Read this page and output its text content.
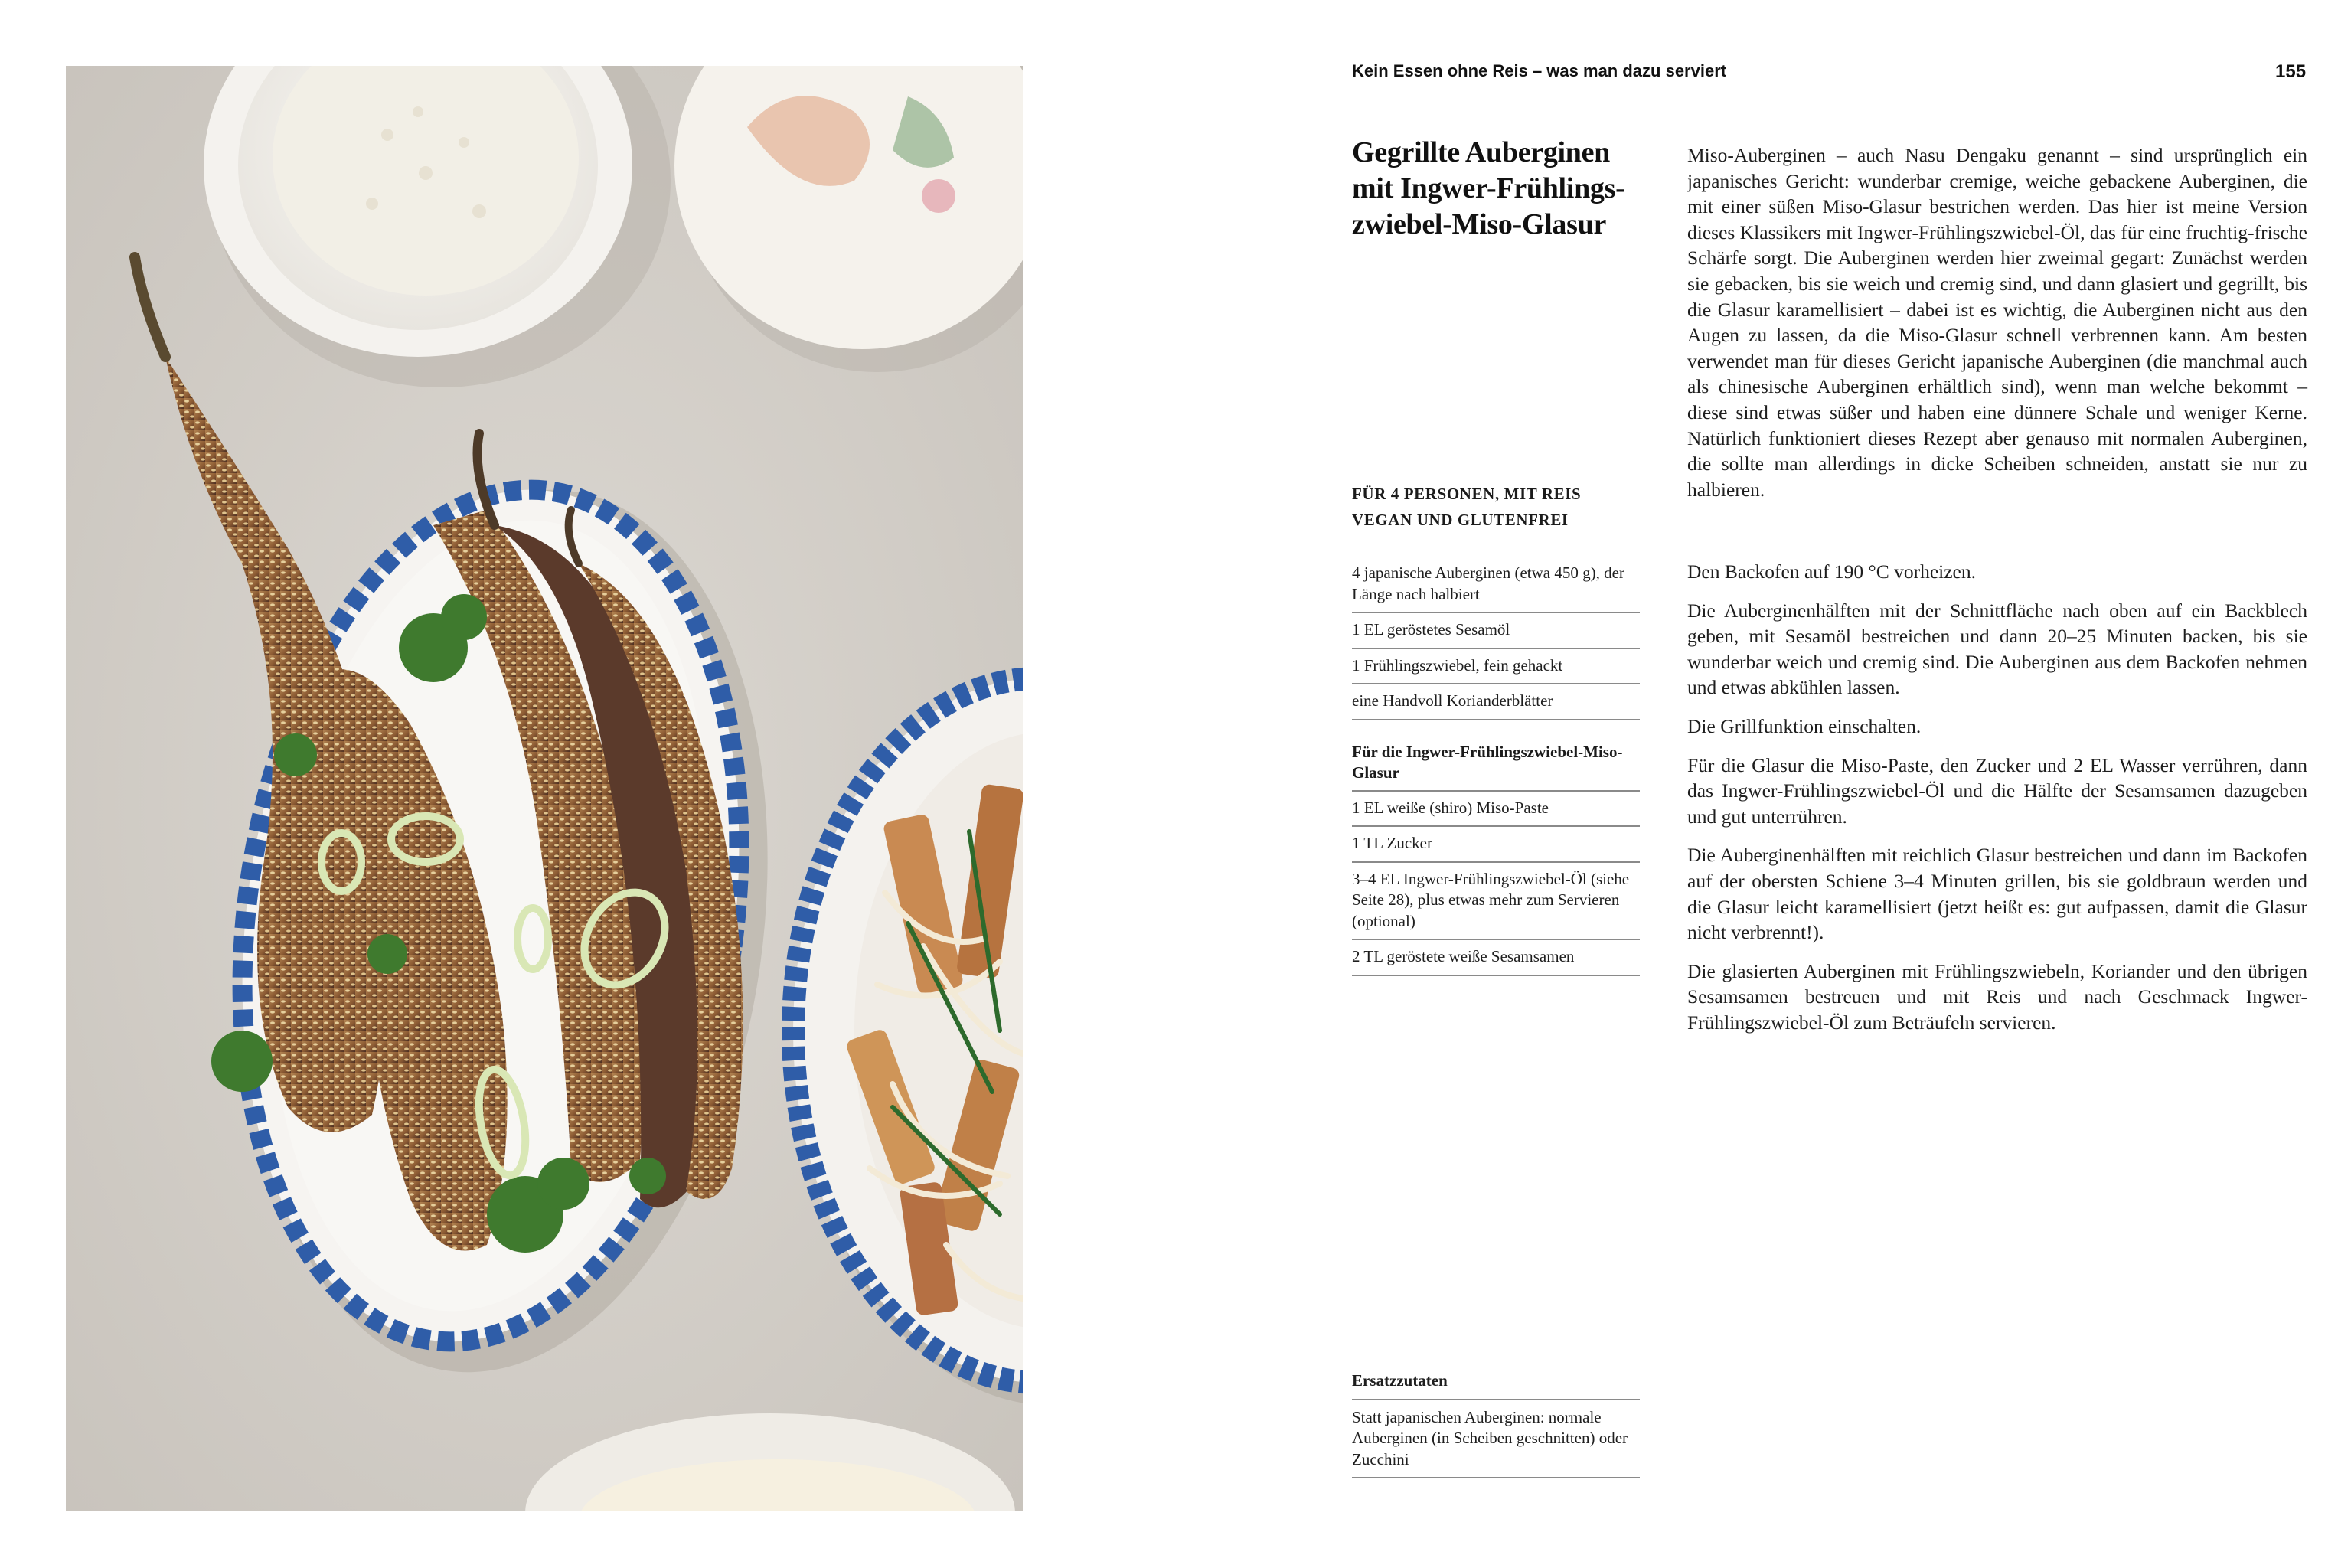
Kein Essen ohne Reis – was man dazu serviert	155
Gegrillte Auberginen mit Ingwer-Frühlings-zwiebel-Miso-Glasur

Miso-Auberginen – auch Nasu Dengaku genannt – sind ursprünglich ein japanisches Gericht: wunderbar cremige, weiche gebackene Auberginen, die mit einer süßen Miso-Glasur bestrichen werden. Das hier ist meine Version dieses Klassikers mit Ingwer-Frühlingszwiebel-Öl, das für eine fruchtig-frische Schärfe sorgt. Die Auberginen werden hier zweimal gegart: Zunächst werden sie gebacken, bis sie weich und cremig sind, und dann glasiert und gegrillt, bis die Glasur karamellisiert – dabei ist es wichtig, die Auberginen nicht aus den Augen zu lassen, da die Miso-Glasur schnell verbrennen kann. Am besten verwendet man für dieses Gericht japanische Auberginen (die manchmal auch als chinesische Auberginen erhältlich sind), wenn man welche bekommt – diese sind etwas süßer und haben eine dünnere Schale und weniger Kerne. Natürlich funktioniert dieses Rezept aber genauso mit normalen Auberginen, die sollte man allerdings in dicke Scheiben schneiden, anstatt sie nur zu halbieren.

FÜR 4 PERSONEN, MIT REIS
VEGAN UND GLUTENFREI
4 japanische Auberginen (etwa 450 g), der Länge nach halbiert
1 EL geröstetes Sesamöl
1 Frühlingszwiebel, fein gehackt
eine Handvoll Korianderblätter
Für die Ingwer-Frühlingszwiebel-Miso-Glasur
1 EL weiße (shiro) Miso-Paste
1 TL Zucker
3–4 EL Ingwer-Frühlingszwiebel-Öl (siehe Seite 28), plus etwas mehr zum Servieren (optional)
2 TL geröstete weiße Sesamsamen

Den Backofen auf 190 °C vorheizen.

Die Auberginenhälften mit der Schnittfläche nach oben auf ein Backblech geben, mit Sesamöl bestreichen und dann 20–25 Minuten backen, bis sie wunderbar weich und cremig sind. Die Auberginen aus dem Backofen nehmen und etwas abkühlen lassen.

Die Grillfunktion einschalten.

Für die Glasur die Miso-Paste, den Zucker und 2 EL Wasser verrühren, dann das Ingwer-Frühlingszwiebel-Öl und die Hälfte der Sesamsamen dazugeben und gut unterrühren.

Die Auberginenhälften mit reichlich Glasur bestreichen und dann im Backofen auf der obersten Schiene 3–4 Minuten grillen, bis sie goldbraun werden und die Glasur leicht karamellisiert (jetzt heißt es: gut aufpassen, damit die Glasur nicht verbrennt!).

Die glasierten Auberginen mit Frühlingszwiebeln, Koriander und den übrigen Sesamsamen bestreuen und mit Reis und nach Geschmack Ingwer-Frühlingszwiebel-Öl zum Beträufeln servieren.

Ersatzzutaten
Statt japanischen Auberginen: normale Auberginen (in Scheiben geschnitten) oder Zucchini
